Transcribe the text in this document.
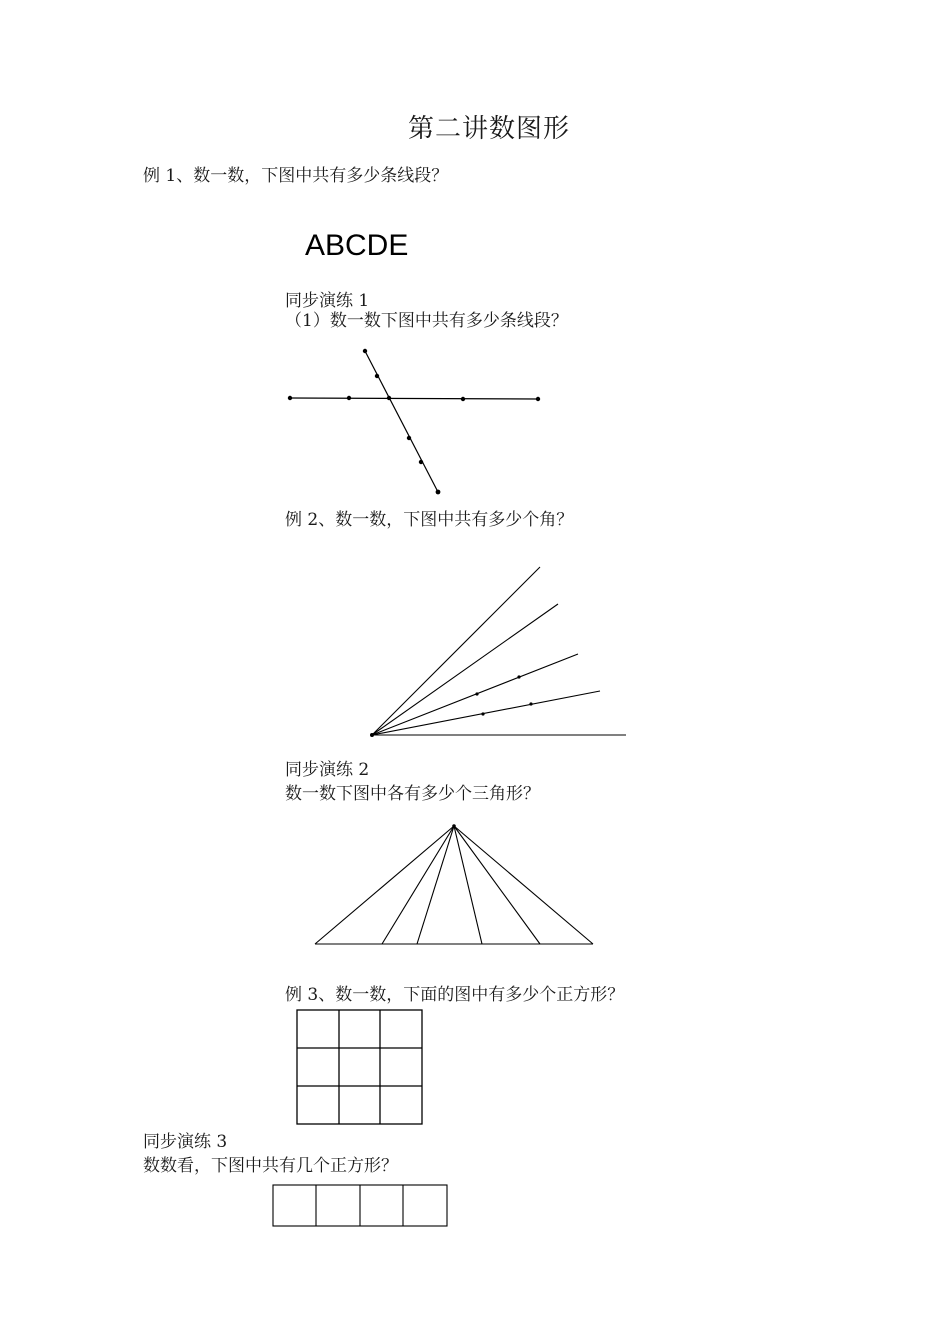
第二讲数图形
例 1、数一数，下图中共有多少条线段？
ABCDE
同步演练 1
（1）数一数下图中共有多少条线段？
例 2、数一数，下图中共有多少个角？
同步演练 2
数一数下图中各有多少个三角形？
例 3、数一数，下面的图中有多少个正方形？
同步演练 3
数数看，下图中共有几个正方形？
